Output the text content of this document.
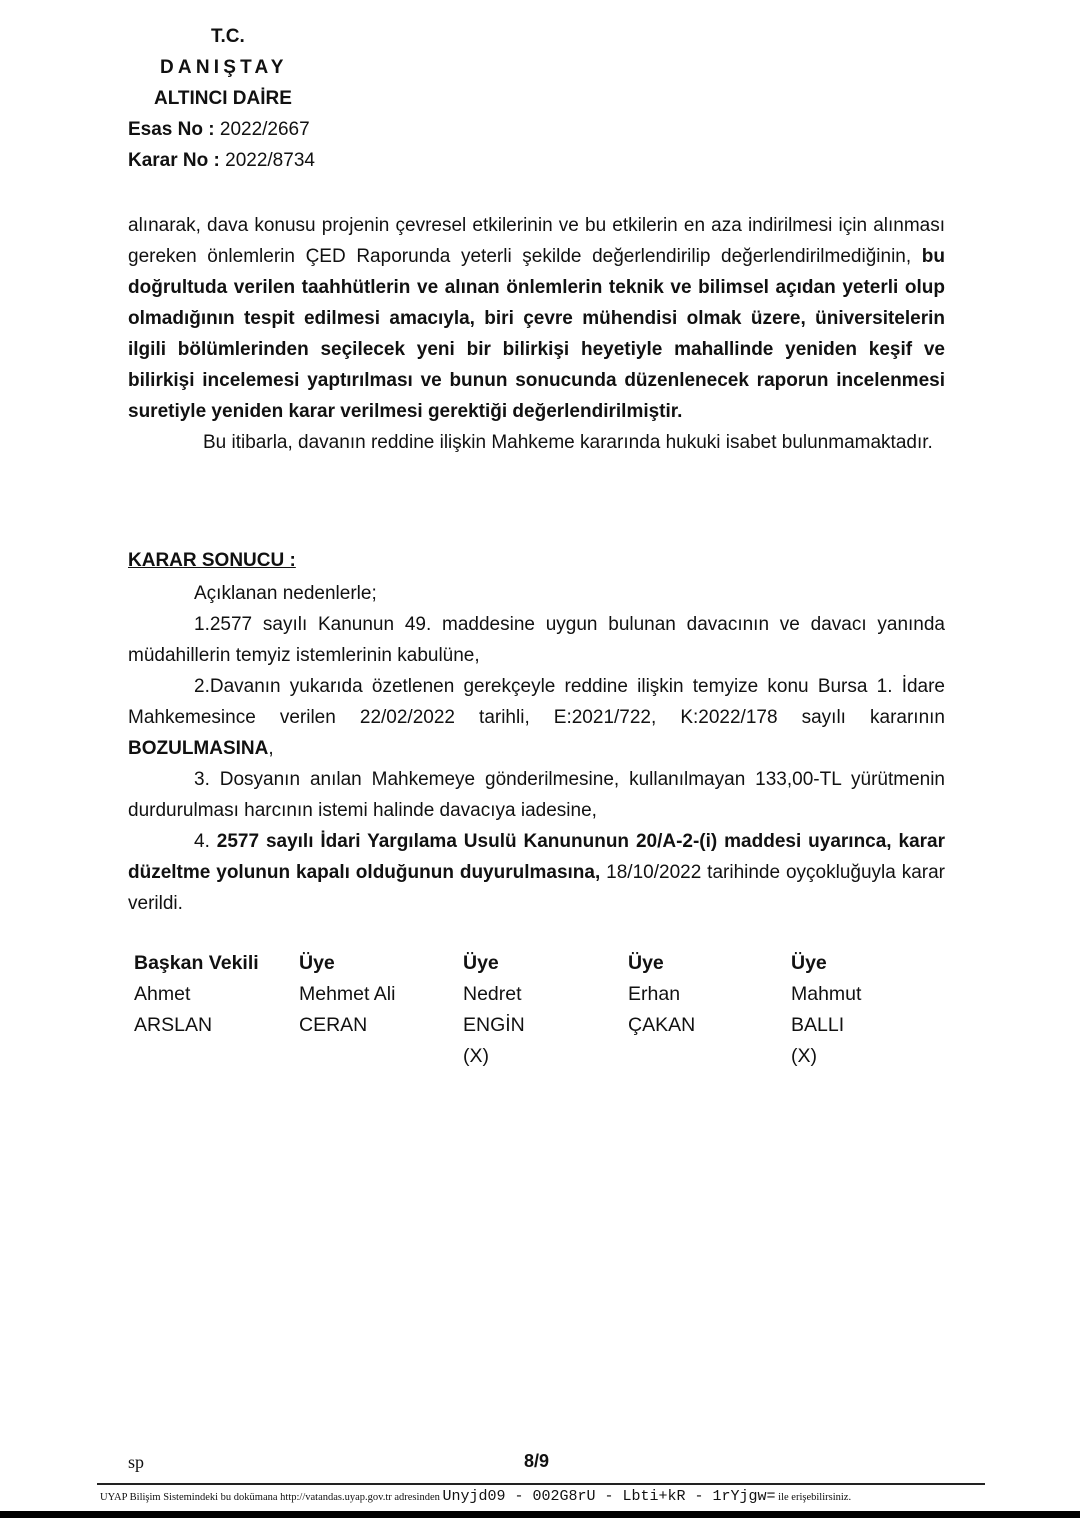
T.C.
DANIŞTAY
ALTINCI DAİRE
Esas No : 2022/2667
Karar No : 2022/8734

alınarak, dava konusu projenin çevresel etkilerinin ve bu etkilerin en aza indirilmesi için alınması gereken önlemlerin ÇED Raporunda yeterli şekilde değerlendirilip değerlendirilmediğinin, bu doğrultuda verilen taahhütlerin ve alınan önlemlerin teknik ve bilimsel açıdan yeterli olup olmadığının tespit edilmesi amacıyla, biri çevre mühendisi olmak üzere, üniversitelerin ilgili bölümlerinden seçilecek yeni bir bilirkişi heyetiyle mahallinde yeniden keşif ve bilirkişi incelemesi yaptırılması ve bunun sonucunda düzenlenecek raporun incelenmesi suretiyle yeniden karar verilmesi gerektiği değerlendirilmiştir.

Bu itibarla, davanın reddine ilişkin Mahkeme kararında hukuki isabet bulunmamaktadır.

KARAR SONUCU :

Açıklanan nedenlerle;

1.2577 sayılı Kanunun 49. maddesine uygun bulunan davacının ve davacı yanında müdahillerin temyiz istemlerinin kabulüne,

2.Davanın yukarıda özetlenen gerekçeyle reddine ilişkin temyize konu Bursa 1. İdare Mahkemesince verilen 22/02/2022 tarihli, E:2021/722, K:2022/178 sayılı kararının BOZULMASINA,

3. Dosyanın anılan Mahkemeye gönderilmesine, kullanılmayan 133,00-TL yürütmenin durdurulması harcının istemi halinde davacıya iadesine,

4. 2577 sayılı İdari Yargılama Usulü Kanununun 20/A-2-(i) maddesi uyarınca, karar düzeltme yolunun kapalı olduğunun duyurulmasına, 18/10/2022 tarihinde oyçokluğuyla karar verildi.

Başkan Vekili
Ahmet
ARSLAN
Üye
Mehmet Ali
CERAN
Üye
Nedret
ENGİN
(X)
Üye
Erhan
ÇAKAN
Üye
Mahmut
BALLI
(X)
sp	8/9
UYAP Bilişim Sistemindeki bu dokümana http://vatandas.uyap.gov.tr adresinden Unyjd09 - 002G8rU - Lbti+kR - 1rYjgw= ile erişebilirsiniz.
